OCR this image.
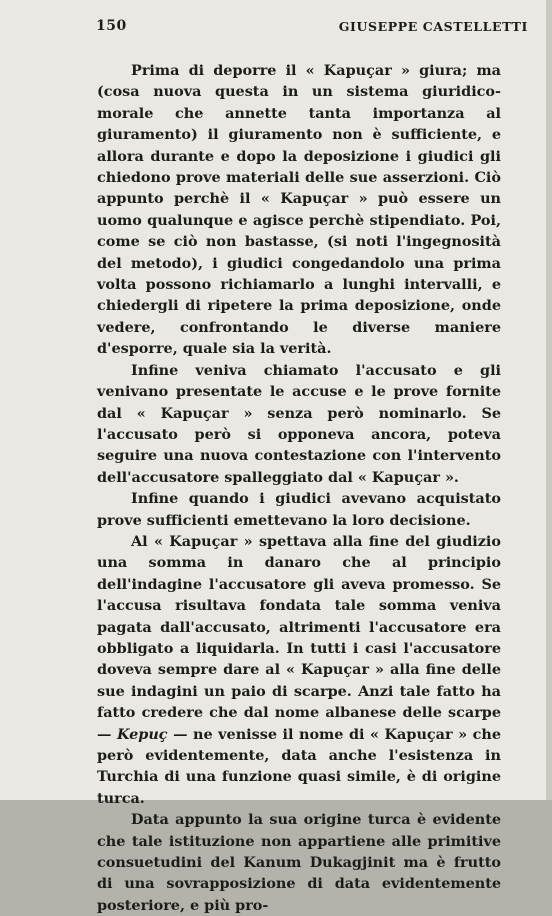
150	GIUSEPPE CASTELLETTI

Prima di deporre il « Kapuçar » giura; ma (cosa nuova questa in un sistema giuridico-morale che annette tanta importanza al giuramento) il giuramento non è sufficiente, e allora durante e dopo la deposizione i giudici gli chiedono prove materiali delle sue asserzioni. Ciò appunto perchè il « Kapuçar » può essere un uomo qualunque e agisce perchè stipendiato. Poi, come se ciò non bastasse, (si noti l'ingegnosità del metodo), i giudici congedandolo una prima volta possono richiamarlo a lunghi intervalli, e chiedergli di ripetere la prima deposizione, onde vedere, confrontando le diverse maniere d'esporre, quale sia la verità.

Infine veniva chiamato l'accusato e gli venivano presentate le accuse e le prove fornite dal « Kapuçar » senza però nominarlo. Se l'accusato però si opponeva ancora, poteva seguire una nuova contestazione con l'intervento dell'accusatore spalleggiato dal « Kapuçar ».

Infine quando i giudici avevano acquistato prove sufficienti emettevano la loro decisione.

Al « Kapuçar » spettava alla fine del giudizio una somma in danaro che al principio dell'indagine l'accusatore gli aveva promesso. Se l'accusa risultava fondata tale somma veniva pagata dall'accusato, altrimenti l'accusatore era obbligato a liquidarla. In tutti i casi l'accusatore doveva sempre dare al « Kapuçar » alla fine delle sue indagini un paio di scarpe. Anzi tale fatto ha fatto credere che dal nome albanese delle scarpe — Kepuç — ne venisse il nome di « Kapuçar » che però evidentemente, data anche l'esistenza in Turchia di una funzione quasi simile, è di origine turca.

Data appunto la sua origine turca è evidente che tale istituzione non appartiene alle primitive consuetudini del Kanum Dukagjinit ma è frutto di una sovrapposizione di data evidentemente posteriore, e più pro-
